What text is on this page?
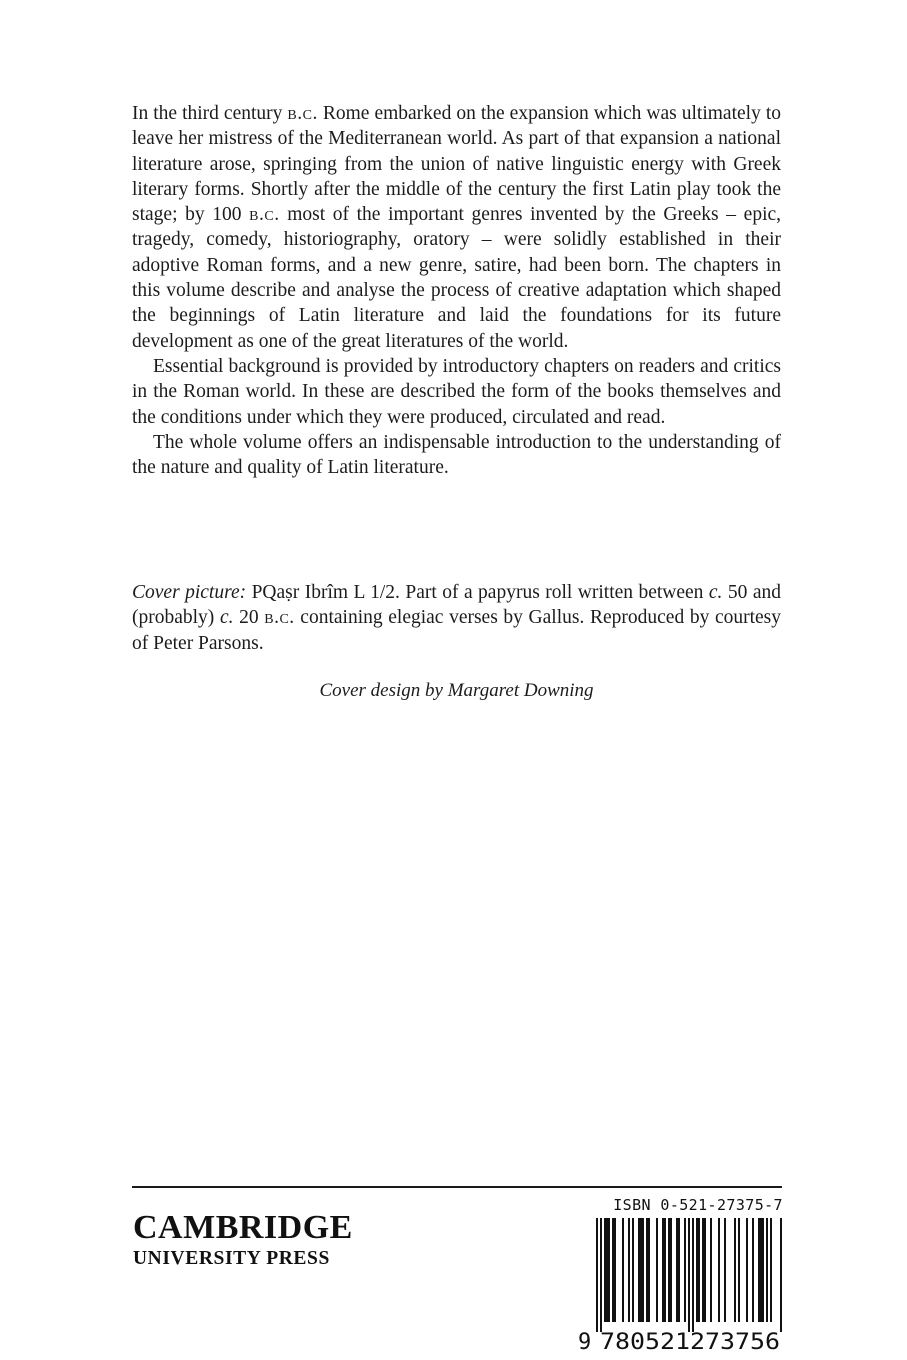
In the third century b.c. Rome embarked on the expansion which was ultimately to leave her mistress of the Mediterranean world. As part of that expansion a national literature arose, springing from the union of native linguistic energy with Greek literary forms. Shortly after the middle of the century the first Latin play took the stage; by 100 b.c. most of the important genres invented by the Greeks – epic, tragedy, comedy, historiography, oratory – were solidly established in their adoptive Roman forms, and a new genre, satire, had been born. The chapters in this volume describe and analyse the process of creative adaptation which shaped the beginnings of Latin literature and laid the foundations for its future development as one of the great literatures of the world.

Essential background is provided by introductory chapters on readers and critics in the Roman world. In these are described the form of the books themselves and the conditions under which they were produced, circulated and read.

The whole volume offers an indispensable introduction to the understanding of the nature and quality of Latin literature.

Cover picture: PQaṣr Ibrîm L 1/2. Part of a papyrus roll written between c. 50 and (probably) c. 20 b.c. containing elegiac verses by Gallus. Reproduced by courtesy of Peter Parsons.

Cover design by Margaret Downing

CAMBRIDGE
UNIVERSITY PRESS
ISBN 0-521-27375-7
9 780521273756
